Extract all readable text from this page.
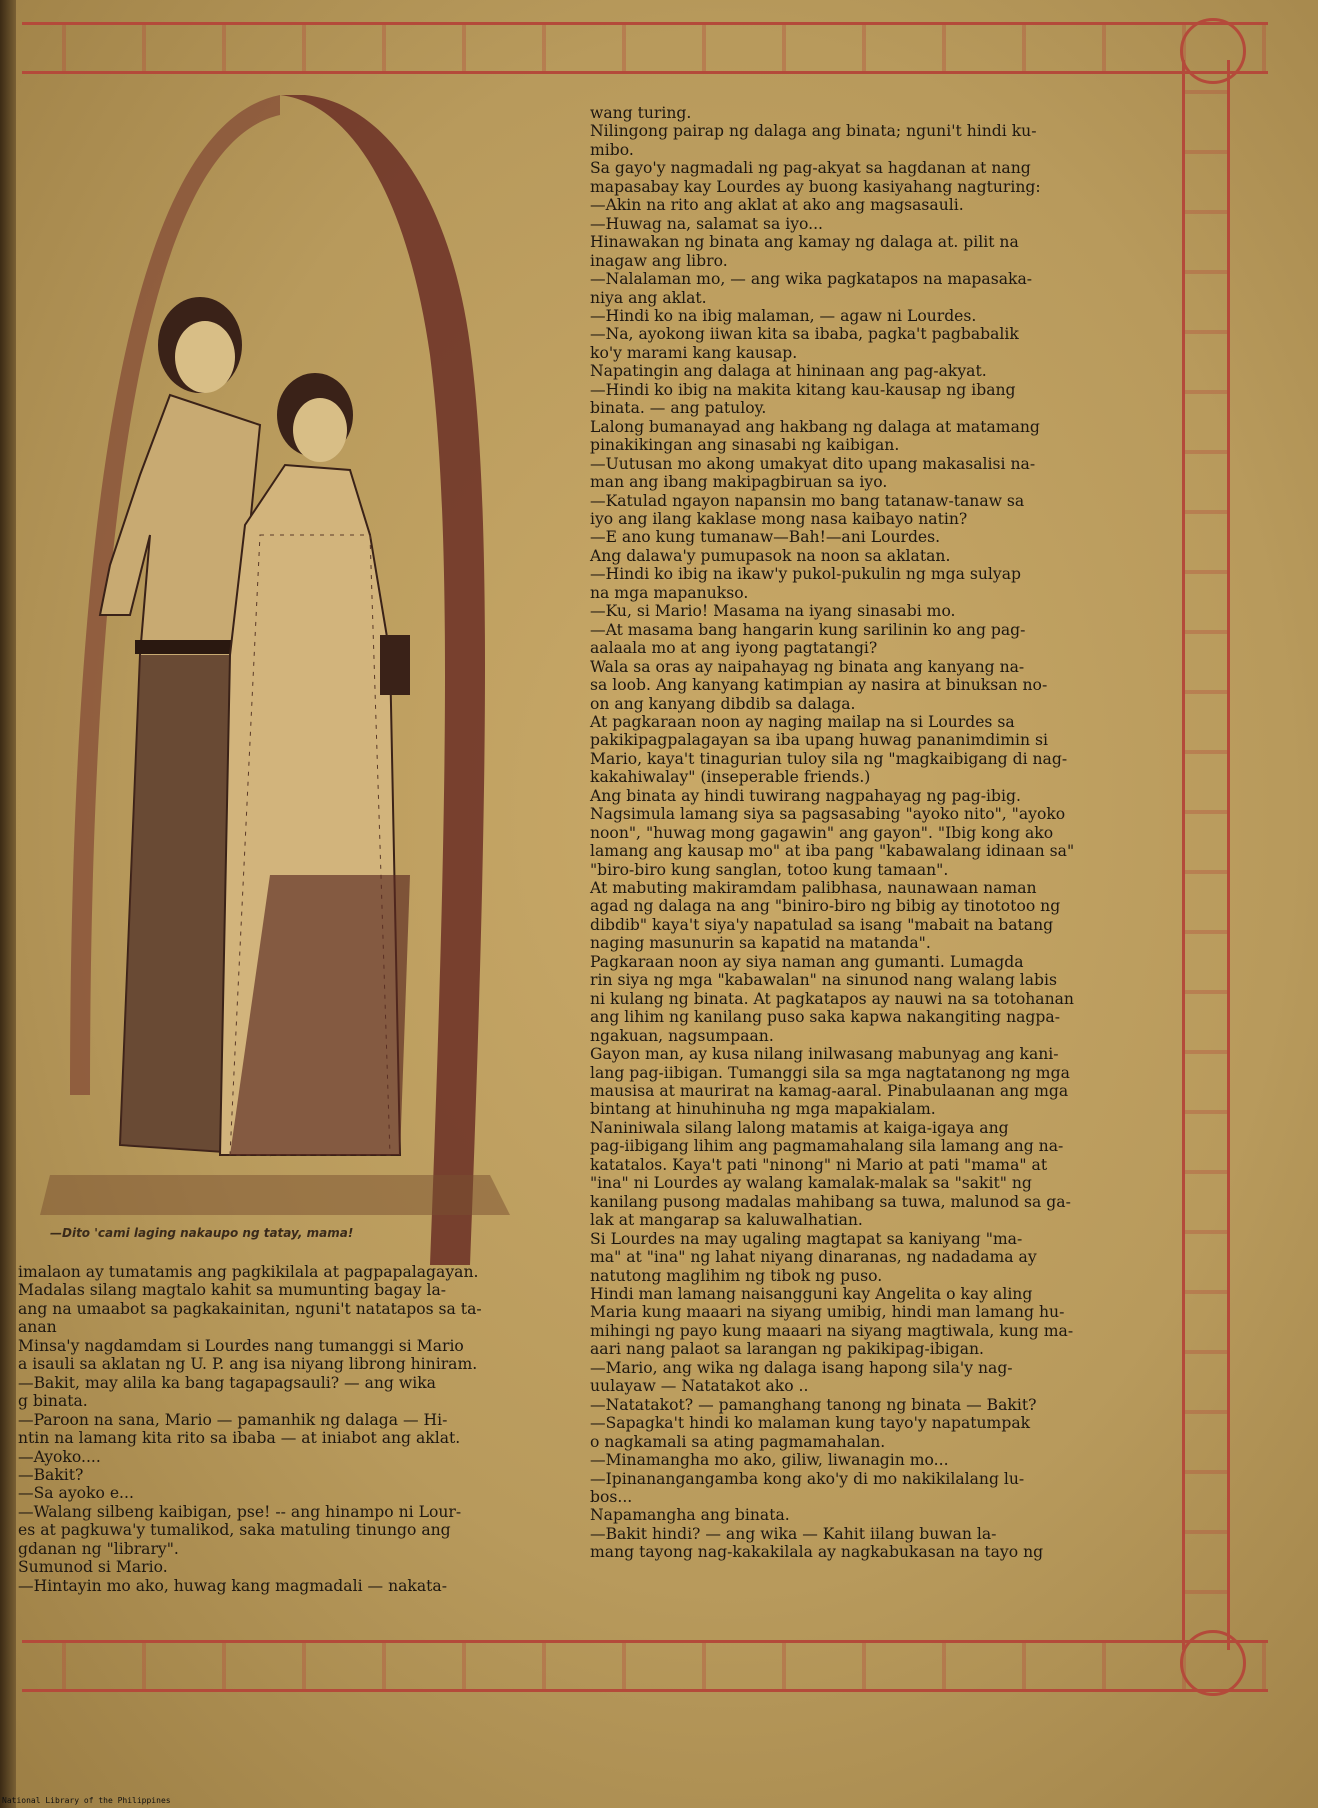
—Dito 'cami laging nakaupo ng tatay, mama!

imalaon ay tumatamis ang pagkikilala at pagpapalagayan.

Madalas silang magtalo kahit sa mumunting bagay la-

ang na umaabot sa pagkakainitan, nguni't natatapos sa ta-

anan

Minsa'y nagdamdam si Lourdes nang tumanggi si Mario

a isauli sa aklatan ng U. P. ang isa niyang librong hiniram.

—Bakit, may alila ka bang tagapagsauli? — ang wika

g binata.

—Paroon na sana, Mario — pamanhik ng dalaga — Hi-

ntin na lamang kita rito sa ibaba — at iniabot ang aklat.

—Ayoko....

—Bakit?

—Sa ayoko e...

—Walang silbeng kaibigan, pse! -- ang hinampo ni Lour-

es at pagkuwa'y tumalikod, saka matuling tinungo ang

gdanan ng "library".

Sumunod si Mario.

—Hintayin mo ako, huwag kang magmadali — nakata-

wang turing.

Nilingong pairap ng dalaga ang binata; nguni't hindi ku-

mibo.

Sa gayo'y nagmadali ng pag-akyat sa hagdanan at nang

mapasabay kay Lourdes ay buong kasiyahang nagturing:

—Akin na rito ang aklat at ako ang magsasauli.

—Huwag na, salamat sa iyo...

Hinawakan ng binata ang kamay ng dalaga at. pilit na

inagaw ang libro.

—Nalalaman mo, — ang wika pagkatapos na mapasaka-

niya ang aklat.

—Hindi ko na ibig malaman, — agaw ni Lourdes.

—Na, ayokong iiwan kita sa ibaba, pagka't pagbabalik

ko'y marami kang kausap.

Napatingin ang dalaga at hininaan ang pag-akyat.

—Hindi ko ibig na makita kitang kau-kausap ng ibang

binata. — ang patuloy.

Lalong bumanayad ang hakbang ng dalaga at matamang

pinakikingan ang sinasabi ng kaibigan.

—Uutusan mo akong umakyat dito upang makasalisi na-

man ang ibang makipagbiruan sa iyo.

—Katulad ngayon napansin mo bang tatanaw-tanaw sa

iyo ang ilang kaklase mong nasa kaibayo natin?

—E ano kung tumanaw—Bah!—ani Lourdes.

Ang dalawa'y pumupasok na noon sa aklatan.

—Hindi ko ibig na ikaw'y pukol-pukulin ng mga sulyap

na mga mapanukso.

—Ku, si Mario! Masama na iyang sinasabi mo.

—At masama bang hangarin kung sarilinin ko ang pag-

aalaala mo at ang iyong pagtatangi?

Wala sa oras ay naipahayag ng binata ang kanyang na-

sa loob. Ang kanyang katimpian ay nasira at binuksan no-

on ang kanyang dibdib sa dalaga.

At pagkaraan noon ay naging mailap na si Lourdes sa

pakikipagpalagayan sa iba upang huwag pananimdimin si

Mario, kaya't tinagurian tuloy sila ng "magkaibigang di nag-

kakahiwalay" (inseperable friends.)

Ang binata ay hindi tuwirang nagpahayag ng pag-ibig.

Nagsimula lamang siya sa pagsasabing "ayoko nito", "ayoko

noon", "huwag mong gagawin" ang gayon". "Ibig kong ako

lamang ang kausap mo" at iba pang "kabawalang idinaan sa"

"biro-biro kung sanglan, totoo kung tamaan".

At mabuting makiramdam palibhasa, naunawaan naman

agad ng dalaga na ang "biniro-biro ng bibig ay tinototoo ng

dibdib" kaya't siya'y napatulad sa isang "mabait na batang

naging masunurin sa kapatid na matanda".

Pagkaraan noon ay siya naman ang gumanti. Lumagda

rin siya ng mga "kabawalan" na sinunod nang walang labis

ni kulang ng binata. At pagkatapos ay nauwi na sa totohanan

ang lihim ng kanilang puso saka kapwa nakangiting nagpa-

ngakuan, nagsumpaan.

Gayon man, ay kusa nilang inilwasang mabunyag ang kani-

lang pag-iibigan. Tumanggi sila sa mga nagtatanong ng mga

mausisa at maurirat na kamag-aaral. Pinabulaanan ang mga

bintang at hinuhinuha ng mga mapakialam.

Naniniwala silang lalong matamis at kaiga-igaya ang

pag-iibigang lihim ang pagmamahalang sila lamang ang na-

katatalos. Kaya't pati "ninong" ni Mario at pati "mama" at

"ina" ni Lourdes ay walang kamalak-malak sa "sakit" ng

kanilang pusong madalas mahibang sa tuwa, malunod sa ga-

lak at mangarap sa kaluwalhatian.

Si Lourdes na may ugaling magtapat sa kaniyang "ma-

ma" at "ina" ng lahat niyang dinaranas, ng nadadama ay

natutong maglihim ng tibok ng puso.

Hindi man lamang naisangguni kay Angelita o kay aling

Maria kung maaari na siyang umibig, hindi man lamang hu-

mihingi ng payo kung maaari na siyang magtiwala, kung ma-

aari nang palaot sa larangan ng pakikipag-ibigan.

—Mario, ang wika ng dalaga isang hapong sila'y nag-

uulayaw — Natatakot ako ..

—Natatakot? — pamanghang tanong ng binata — Bakit?

—Sapagka't hindi ko malaman kung tayo'y napatumpak

o nagkamali sa ating pagmamahalan.

—Minamangha mo ako, giliw, liwanagin mo...

—Ipinanangangamba kong ako'y di mo nakikilalang lu-

bos...

Napamangha ang binata.

—Bakit hindi? — ang wika — Kahit iilang buwan la-

mang tayong nag-kakakilala ay nagkabukasan na tayo ng

National Library of the Philippines
